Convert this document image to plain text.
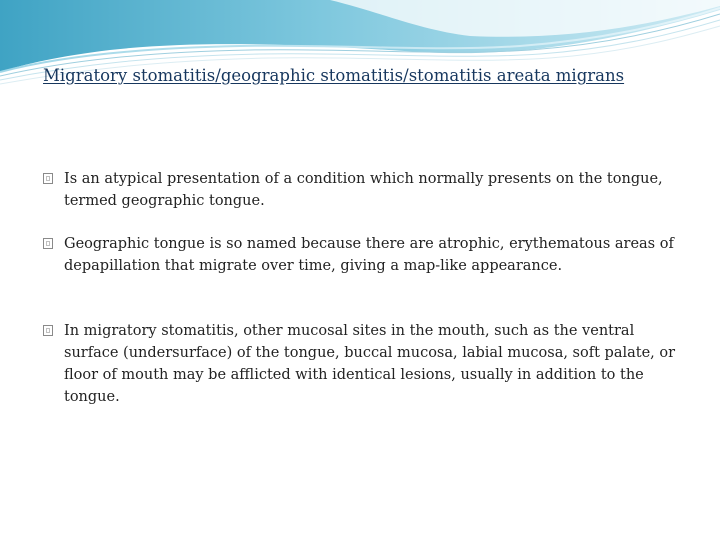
Migratory stomatitis/geographic stomatitis/stomatitis areata migrans
Is an atypical presentation of a condition which normally presents on the tongue, termed geographic tongue.
Geographic tongue is so named because there are atrophic, erythematous areas of depapillation that migrate over time, giving a map-like appearance.
In migratory stomatitis, other mucosal sites in the mouth, such as the ventral surface (undersurface) of the tongue, buccal mucosa, labial mucosa, soft palate, or floor of mouth may be afflicted with identical lesions, usually in addition to the tongue.
